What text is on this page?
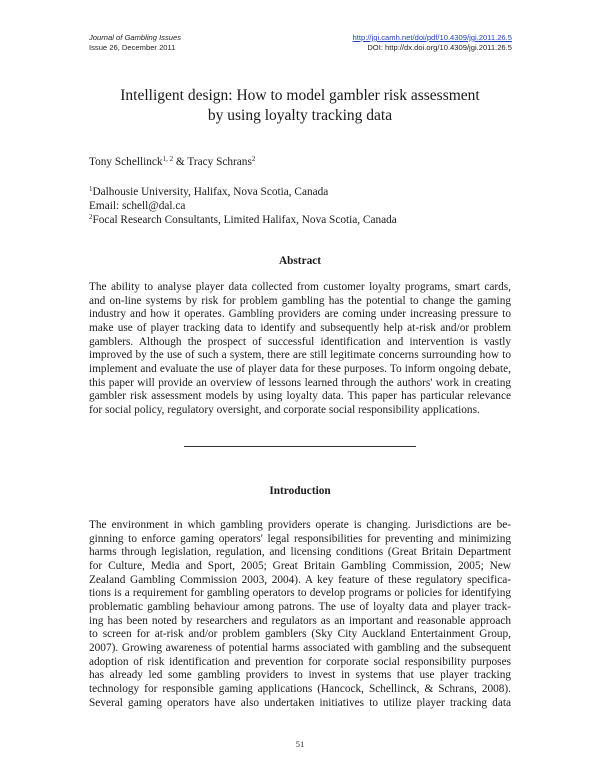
Journal of Gambling Issues
Issue 26, December 2011
http://jgi.camh.net/doi/pdf/10.4309/jgi.2011.26.5
DOI: http://dx.doi.org/10.4309/jgi.2011.26.5
Intelligent design: How to model gambler risk assessment
by using loyalty tracking data
Tony Schellinck$^{1, 2}$ & Tracy Schrans$^2$
$^1$Dalhousie University, Halifax, Nova Scotia, Canada
Email: schell@dal.ca
$^2$Focal Research Consultants, Limited Halifax, Nova Scotia, Canada
Abstract
The ability to analyse player data collected from customer loyalty programs, smart cards,
and on-line systems by risk for problem gambling has the potential to change the gaming
industry and how it operates. Gambling providers are coming under increasing pressure to
make use of player tracking data to identify and subsequently help at-risk and/or problem
gamblers. Although the prospect of successful identification and intervention is vastly
improved by the use of such a system, there are still legitimate concerns surrounding how to
implement and evaluate the use of player data for these purposes. To inform ongoing debate,
this paper will provide an overview of lessons learned through the authors' work in creating
gambler risk assessment models by using loyalty data. This paper has particular relevance
for social policy, regulatory oversight, and corporate social responsibility applications.
Introduction
The environment in which gambling providers operate is changing. Jurisdictions are be-
ginning to enforce gaming operators' legal responsibilities for preventing and minimizing
harms through legislation, regulation, and licensing conditions (Great Britain Department
for Culture, Media and Sport, 2005; Great Britain Gambling Commission, 2005; New
Zealand Gambling Commission 2003, 2004). A key feature of these regulatory specifica-
tions is a requirement for gambling operators to develop programs or policies for identifying
problematic gambling behaviour among patrons. The use of loyalty data and player track-
ing has been noted by researchers and regulators as an important and reasonable approach
to screen for at-risk and/or problem gamblers (Sky City Auckland Entertainment Group,
2007). Growing awareness of potential harms associated with gambling and the subsequent
adoption of risk identification and prevention for corporate social responsibility purposes
has already led some gambling providers to invest in systems that use player tracking
technology for responsible gaming applications (Hancock, Schellinck, & Schrans, 2008).
Several gaming operators have also undertaken initiatives to utilize player tracking data
51
